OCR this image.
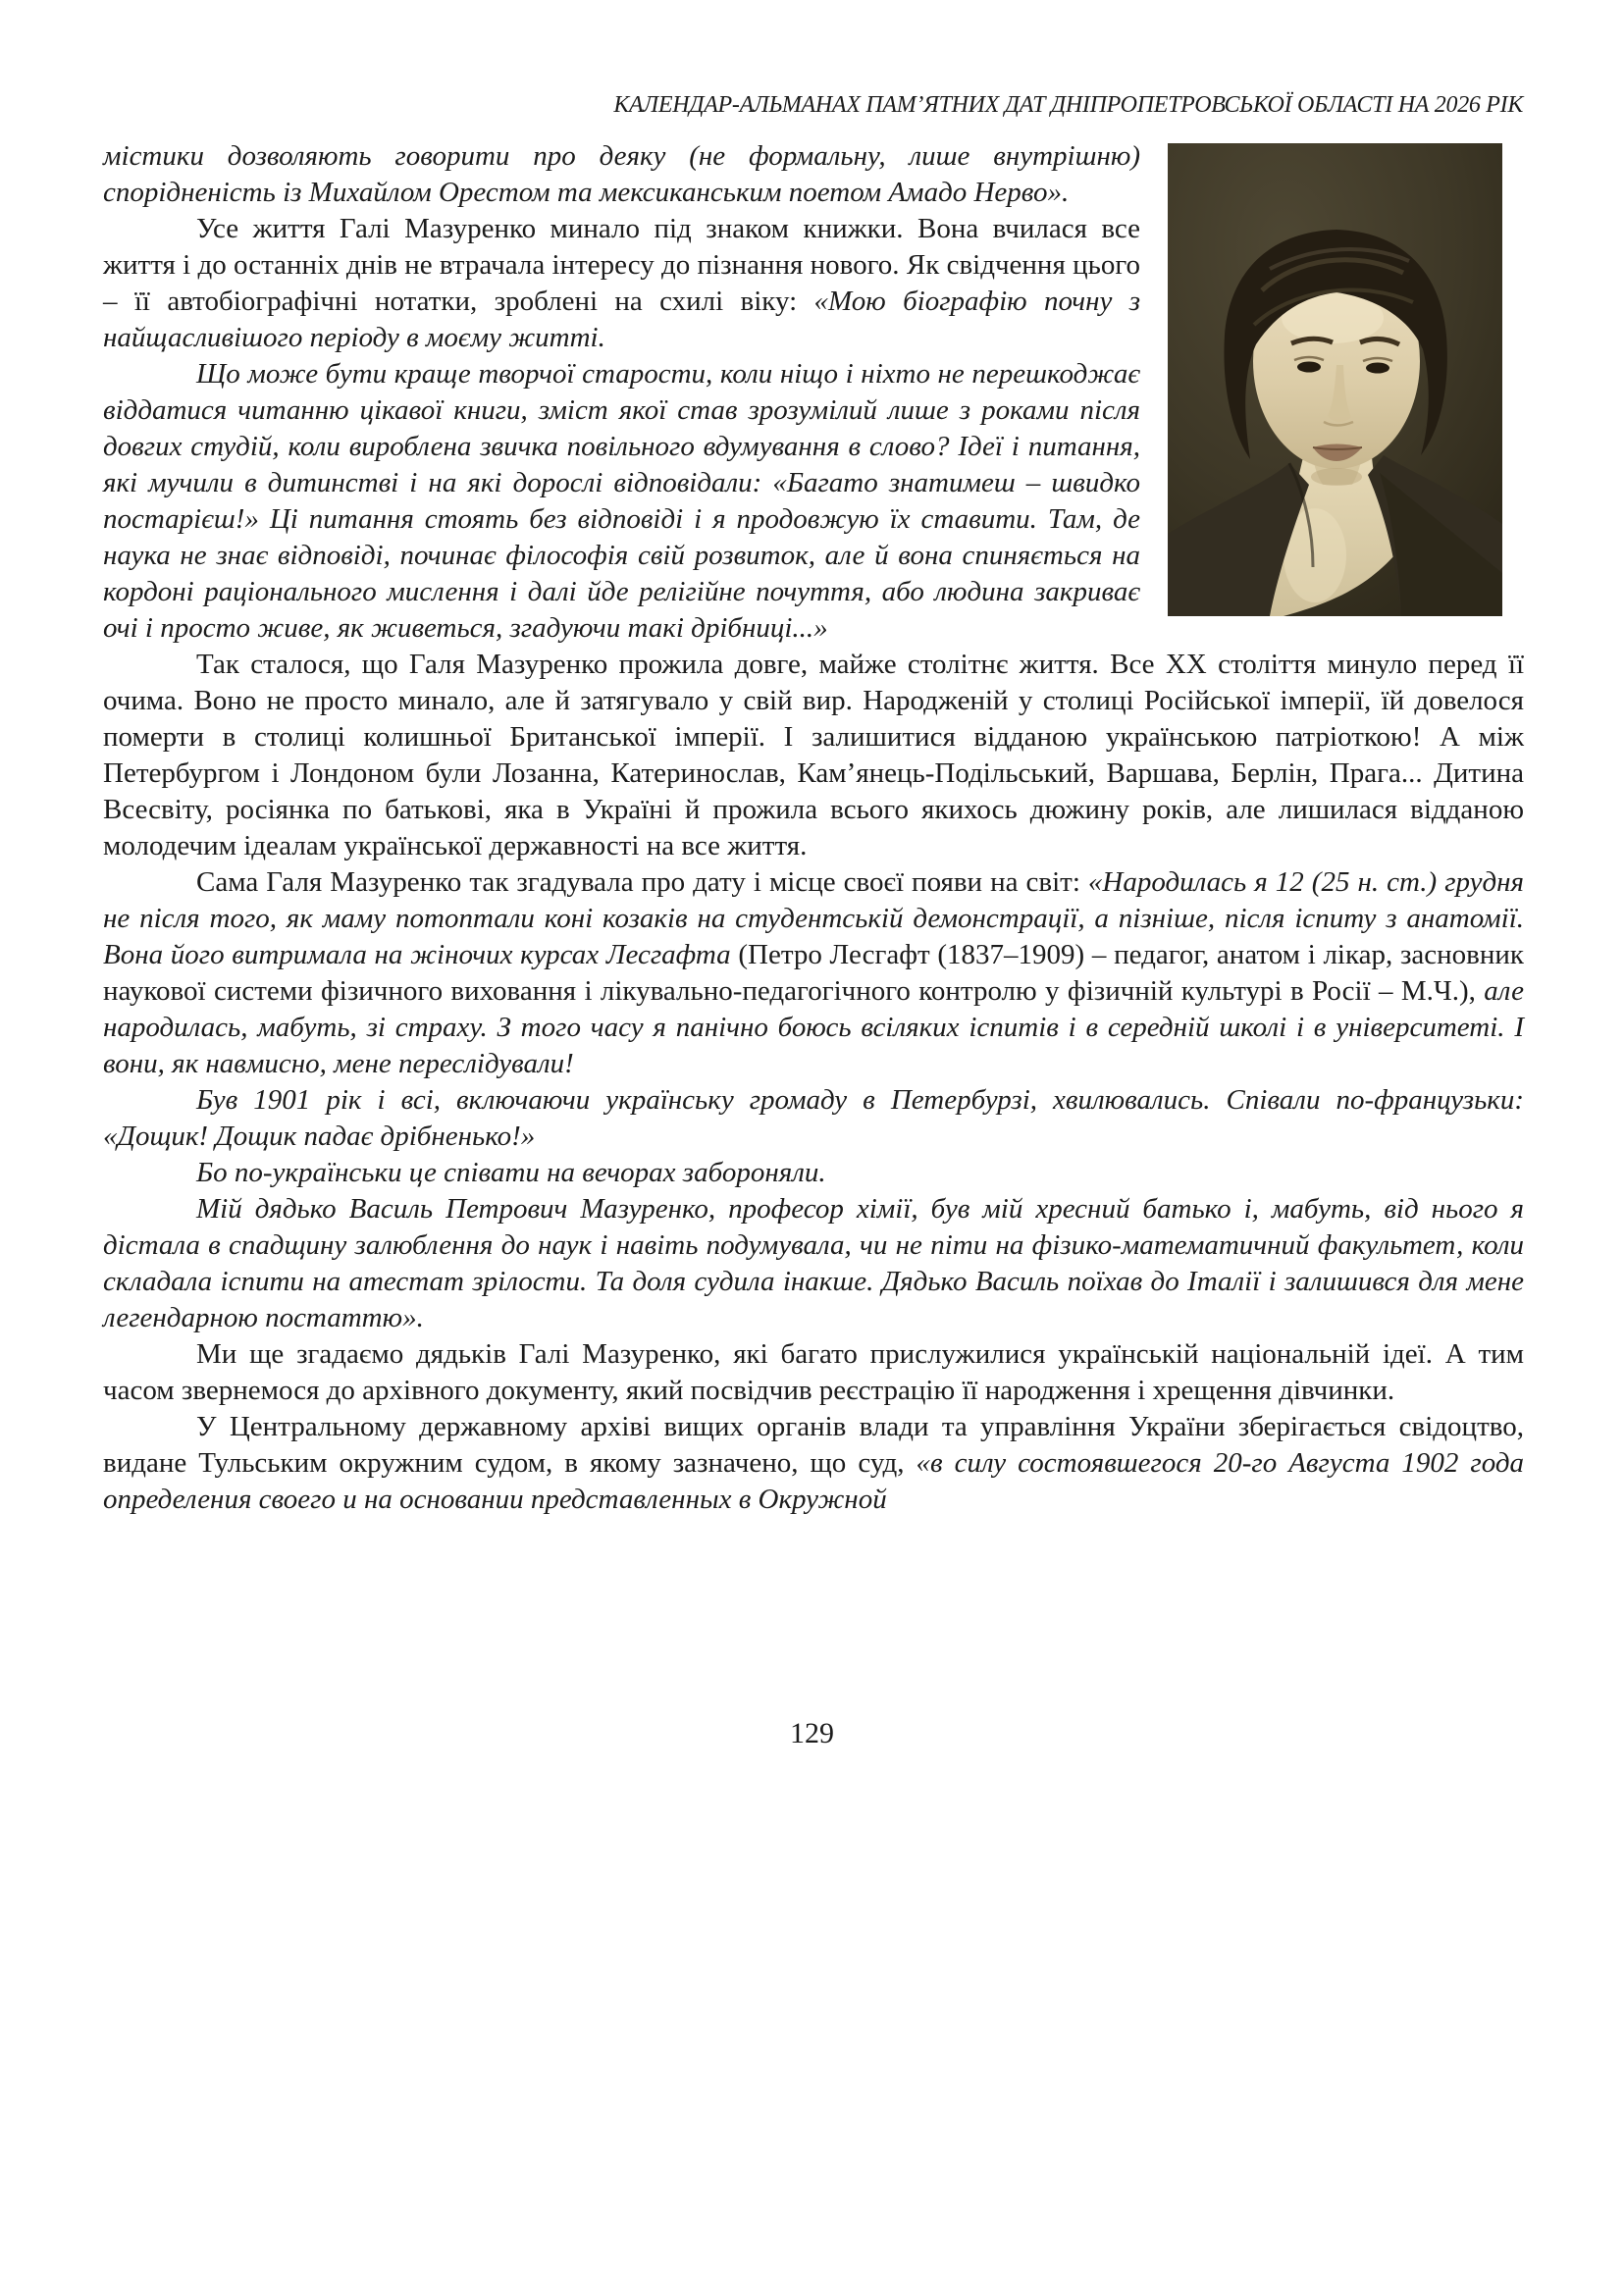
КАЛЕНДАР-АЛЬМАНАХ ПАМ’ЯТНИХ ДАТ ДНІПРОПЕТРОВСЬКОЇ ОБЛАСТІ НА 2026 РІК

містики дозволяють говорити про деяку (не формальну, лише внутрішню) спорідненість із Михайлом Орестом та мексиканським поетом Амадо Нерво».

Усе життя Галі Мазуренко минало під знаком книжки. Вона вчилася все життя і до останніх днів не втрачала інтересу до пізнання нового. Як свідчення цього – її автобіографічні нотатки, зроблені на схилі віку: «Мою біографію почну з найщасливішого періоду в моєму житті.

Що може бути краще творчої старости, коли ніщо і ніхто не перешкоджає віддатися читанню цікавої книги, зміст якої став зрозумілий лише з роками після довгих студій, коли вироблена звичка повільного вдумування в слово? Ідеї і питання, які мучили в дитинстві і на які дорослі відповідали: «Багато знатимеш – швидко постарієш!» Ці питання стоять без відповіді і я продовжую їх ставити. Там, де наука не знає відповіді, починає філософія свій розвиток, але й вона спиняється на кордоні раціонального мислення і далі йде релігійне почуття, або людина закриває очі і просто живе, як живеться, згадуючи такі дрібниці...»

Так сталося, що Галя Мазуренко прожила довге, майже столітнє життя. Все XX століття минуло перед її очима. Воно не просто минало, але й затягувало у свій вир. Народженій у столиці Російської імперії, їй довелося померти в столиці колишньої Британської імперії. І залишитися відданою українською патріоткою! А між Петербургом і Лондоном були Лозанна, Катеринослав, Кам’янець-Подільський, Варшава, Берлін, Прага... Дитина Всесвіту, росіянка по батькові, яка в Україні й прожила всього якихось дюжину років, але лишилася відданою молодечим ідеалам української державності на все життя.

Сама Галя Мазуренко так згадувала про дату і місце своєї появи на світ: «Народилась я 12 (25 н. ст.) грудня не після того, як маму потоптали коні козаків на студентській демонстрації, а пізніше, після іспиту з анатомії. Вона його витримала на жіночих курсах Лесгафта (Петро Лесгафт (1837–1909) – педагог, анатом і лікар, засновник наукової системи фізичного виховання і лікувально-педагогічного контролю у фізичній культурі в Росії – М.Ч.), але народилась, мабуть, зі страху. З того часу я панічно боюсь всіляких іспитів і в середній школі і в університеті. І вони, як навмисно, мене переслідували!

Був 1901 рік і всі, включаючи українську громаду в Петербурзі, хвилювались. Співали по-французьки: «Дощик! Дощик падає дрібненько!»

Бо по-українськи це співати на вечорах забороняли.

Мій дядько Василь Петрович Мазуренко, професор хімії, був мій хресний батько і, мабуть, від нього я дістала в спадщину залюблення до наук і навіть подумувала, чи не піти на фізико-математичний факультет, коли складала іспити на атестат зрілости. Та доля судила інакше. Дядько Василь поїхав до Італії і залишився для мене легендарною постаттю».

Ми ще згадаємо дядьків Галі Мазуренко, які багато прислужилися українській національній ідеї. А тим часом звернемося до архівного документу, який посвідчив реєстрацію її народження і хрещення дівчинки.

У Центральному державному архіві вищих органів влади та управління України зберігається свідоцтво, видане Тульським окружним судом, в якому зазначено, що суд, «в силу состоявшегося 20-го Августа 1902 года определения своего и на основании представленных в Окружной

129
